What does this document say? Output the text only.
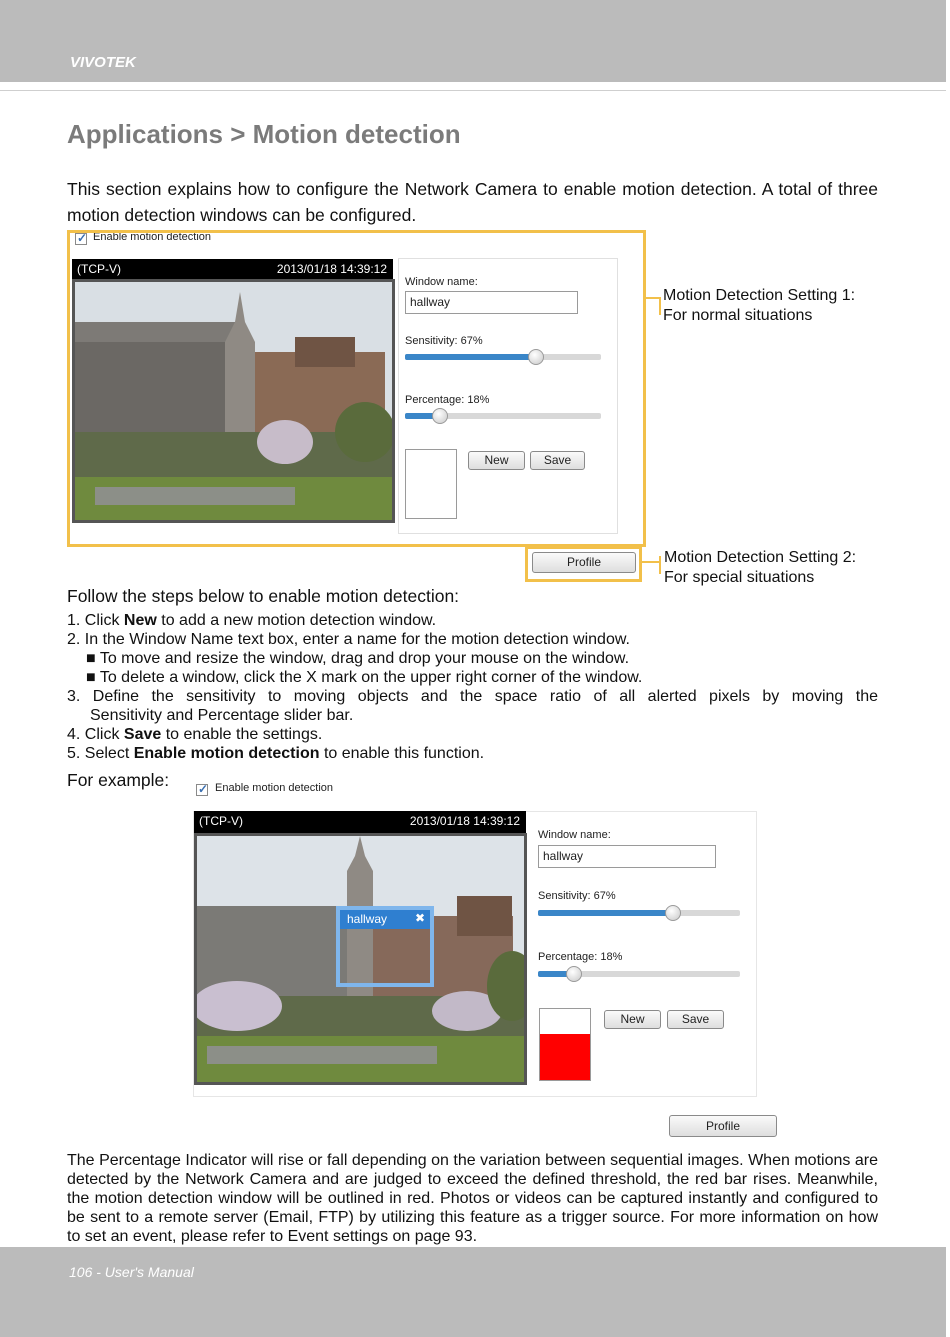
VIVOTEK
Applications > Motion detection
This section explains how to configure the Network Camera to enable motion detection. A total of three motion detection windows can be configured.
✓
Enable motion detection
(TCP-V)	2013/01/18 14:39:12
Window name:
hallway
Sensitivity: 67%
Percentage: 18%
New	Save
Profile
Motion Detection Setting 1:
For normal situations
Motion Detection Setting 2:
For special situations
Follow the steps below to enable motion detection:
1. Click New to add a new motion detection window.
2. In the Window Name text box, enter a name for the motion detection window.
■ To move and resize the window, drag and drop your mouse on the window.
■ To delete a window, click the X mark on the upper right corner of the window.
3. Define the sensitivity to moving objects and the space ratio of all alerted pixels by moving the
Sensitivity and Percentage slider bar.
4. Click Save to enable the settings.
5. Select Enable motion detection to enable this function.
For example:
✓	Enable motion detection
(TCP-V)	2013/01/18 14:39:12
hallway ✖
Window name:
hallway
Sensitivity: 67%
Percentage: 18%
New	Save
Profile
The Percentage Indicator will rise or fall depending on the variation between sequential images. When motions are detected by the Network Camera and are judged to exceed the defined threshold, the red bar rises. Meanwhile, the motion detection window will be outlined in red. Photos or videos can be captured instantly and configured to be sent to a remote server (Email, FTP) by utilizing this feature as a trigger source. For more information on how to set an event, please refer to Event settings on page 93.
106 - User's Manual
